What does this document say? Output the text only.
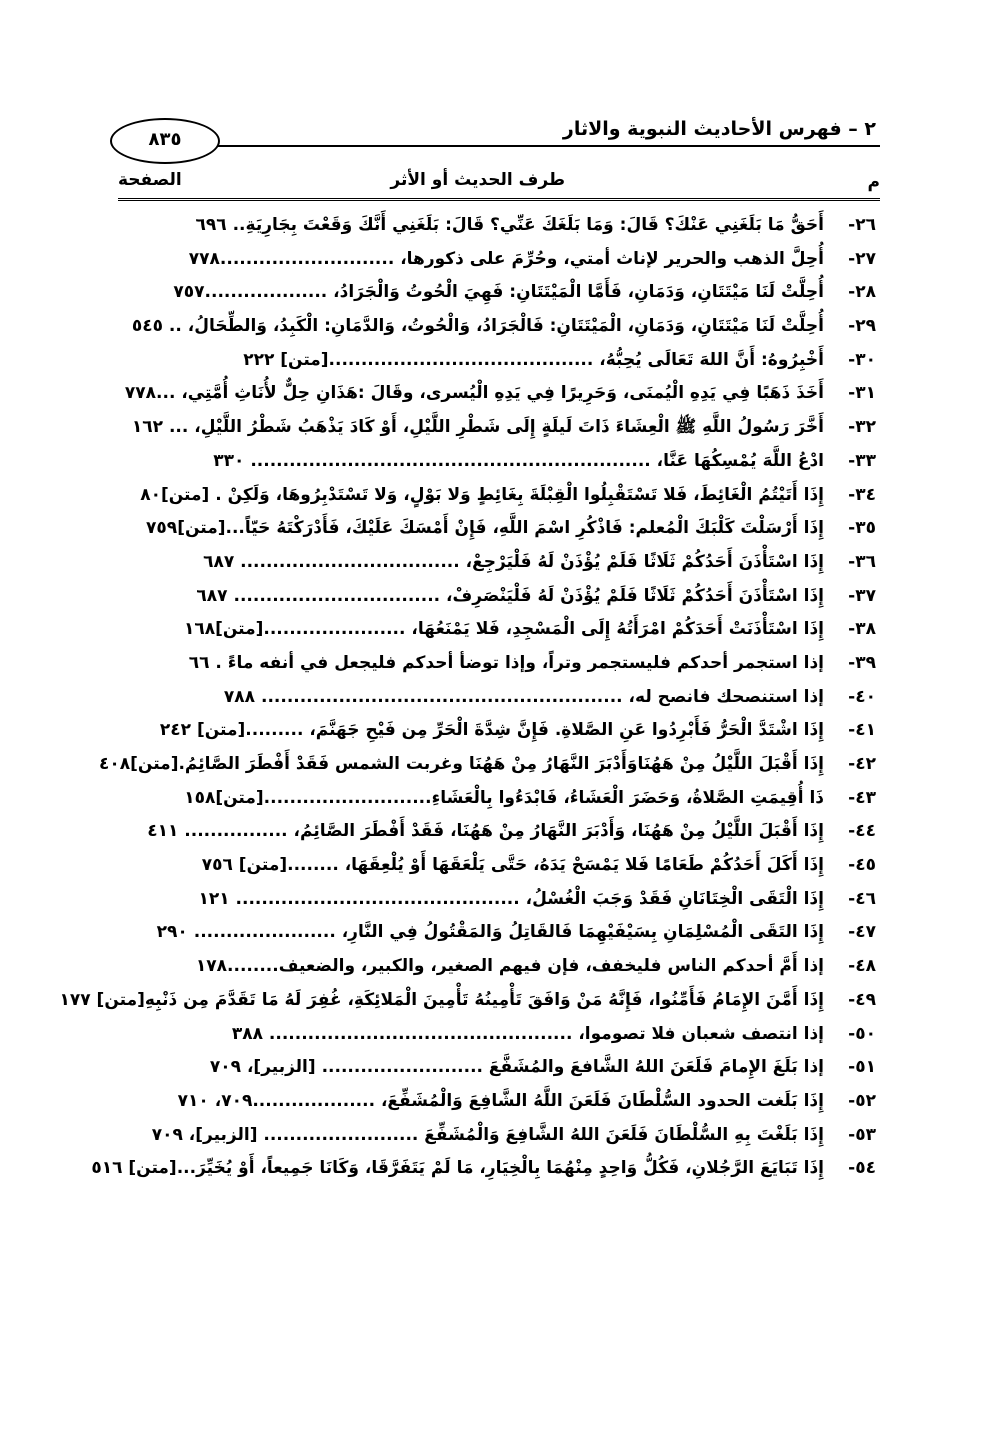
٢ – فهرس الأحاديث النبوية والاثار
٨٣٥
م
طرف الحديث أو الأثر
الصفحة
٢٦-
أَحَقُّ مَا بَلَغَنِي عَنْكَ؟ قَالَ: وَمَا بَلَغَكَ عَنِّي؟ قَالَ: بَلَغَنِي أَنَّكَ وَقَعْتَ بِجَارِيَةِ.. ٦٩٦
٢٧-
أُحِلَّ الذهب والحرير لإناث أمتي، وحُرِّمَ على ذكورها، ...........................٧٧٨
٢٨-
أُحِلَّتْ لَنَا مَيْتَتَانِ، وَدَمَانِ، فَأَمَّا الْمَيْتَتَانِ: فَهِيَ الْحُوتُ وَالْجَرَادُ، ...................٧٥٧
٢٩-
أُحِلَّتْ لَنَا مَيْتَتَانِ، وَدَمَانِ، الْمَيْتَتَانِ: فَالْجَرَادُ، وَالْحُوتُ، وَالدَّمَانِ: الْكَبِدُ، وَالطِّحَالُ، .. ٥٤٥
٣٠-
أَخْبِرُوهُ: أَنَّ اللهَ تَعَالَى يُحِبُّهُ، .........................................[متن] ٢٢٢
٣١-
أَخَذَ ذَهَبًا فِي يَدِهِ الْيُمنَى، وَحَرِيرًا فِي يَدِهِ الْيُسرى، وقَالَ :هَذَانِ حِلٌّ لأُنَاثِ أُمَّتِي، ...٧٧٨
٣٢-
أَخَّرَ رَسُولُ اللَّهِ ﷺ الْعِشَاءَ ذَاتَ لَيلَةٍ إِلَى شَطْرِ اللَّيْلِ، أَوْ كَادَ يَذْهَبُ شَطْرُ اللَّيْلِ، ... ١٦٢
٣٣-
ادْعُ اللَّهَ يُمْسِكُهَا عَنَّا، .............................................................. ٣٣٠
٣٤-
إِذَا أَتَيْتُمُ الْغَائِطَ، فَلا تَسْتَقْبِلُوا الْقِبْلَةَ بِغَائِطٍ وَلا بَوْلٍ، وَلا تَسْتَدْبِرُوهَا، وَلَكِنْ . [متن]٨٠
٣٥-
إِذَا أَرْسَلْتَ كَلْبَكَ الْمُعلم: فَاذْكُرِ اسْمَ اللَّهِ، فَإِنْ أَمْسَكَ عَلَيْكَ، فَأَدْرَكْتَهُ حَيّاً...[متن]٧٥٩
٣٦-
إِذَا اسْتَأْذَنَ أَحَدُكُمْ ثَلَاثًا فَلَمْ يُؤْذَنْ لَهُ فَلْيَرْجِعْ، .................................. ٦٨٧
٣٧-
إِذَا اسْتَأْذَنَ أَحَدُكُمْ ثَلَاثًا فَلَمْ يُؤْذَنْ لَهُ فَلْيَنْصَرِفْ، ................................ ٦٨٧
٣٨-
إِذَا اسْتَأْذَنَتْ أَحَدَكُمْ امْرَأَتُهُ إِلَى الْمَسْجِدِ، فَلا يَمْنَعُهَا، ......................[متن]١٦٨
٣٩-
إذا استجمر أحدكم فليستجمر وتراً، وإذا توضأ أحدكم فليجعل في أنفه ماءً . ٦٦
٤٠-
إذا استنصحك فانصح له، ........................................................ ٧٨٨
٤١-
إِذَا اشْتَدَّ الْحَرُّ فَأَبْرِدُوا عَنِ الصَّلاةِ. فَإِنَّ شِدَّةَ الْحَرِّ مِن فَيْحِ جَهَنَّمَ، .........[متن] ٢٤٢
٤٢-
إِذَا أَقْبَلَ اللَّيْلُ مِنْ هَهُنَاوَأَدْبَرَ النَّهَارُ مِنْ هَهُنَا وغربت الشمس فَقَدْ أَفْطَرَ الصَّائِمُ.[متن]٤٠٨
٤٣-
ذَا أُقِيمَتِ الصَّلاةُ، وَحَضَرَ الْعَشَاءُ، فَابْدَءُوا بِالْعَشَاءِ..........................[متن]١٥٨
٤٤-
إِذَا أَقْبَلَ اللَّيْلُ مِنْ هَهُنَا، وَأَدْبَرَ النَّهَارُ مِنْ هَهُنَا، فَقَدْ أَفْطَرَ الصَّائِمُ، ................ ٤١١
٤٥-
إِذَا أَكَلَ أَحَدُكُمْ طَعَامًا فَلا يَمْسَحْ يَدَهُ، حَتَّى يَلْعَقَهَا أَوْ يُلْعِقَهَا، ........[متن] ٧٥٦
٤٦-
إِذَا الْتَقَى الْخِتَانَانِ فَقَدْ وَجَبَ الْغُسْلُ، ............................................ ١٢١
٤٧-
إِذَا التَقَى الْمُسْلِمَانِ بِسَيْفَيْهِمَا فَالقَاتِلُ وَالمَقْتُولُ فِي النَّارِ، ...................... ٢٩٠
٤٨-
إذا أَمَّ أحدكم الناس فليخفف، فإن فيهم الصغير، والكبير، والضعيف........١٧٨
٤٩-
إِذَا أَمَّنَ الإِمَامُ فَأَمِّنُوا، فَإِنَّهُ مَنْ وَافَقَ تَأْمِينُهُ تَأْمِينَ الْمَلائِكَةِ، غُفِرَ لَهُ مَا تَقَدَّمَ مِن ذَنْبِهِ[متن] ١٧٧
٥٠-
إذا انتصف شعبان فلا تصوموا، ............................................... ٣٨٨
٥١-
إذا بَلَغَ الإِمامَ فَلَعَنَ اللهُ الشَّافعَ والمُشَفَّعَ ......................... [الزبير]، ٧٠٩
٥٢-
إِذَا بَلَغت الحدود السُّلْطَانَ فَلَعَنَ اللَّهُ الشَّافِعَ وَالْمُشَفِّعَ، ...................٧٠٩، ٧١٠
٥٣-
إِذَا بَلَغْتَ بِهِ السُّلْطَانَ فَلَعَنَ اللهُ الشَّافِعَ وَالْمُشَفِّعَ ........................ [الزبير]، ٧٠٩
٥٤-
إِذَا تَبَايَعَ الرَّجُلانِ، فَكُلُّ وَاحِدٍ مِنْهُمَا بِالْخِيَارِ، مَا لَمْ يَتَفَرَّقَا، وَكَانَا جَمِيعاً، أَوْ يُخَيِّرَ...[متن] ٥١٦
